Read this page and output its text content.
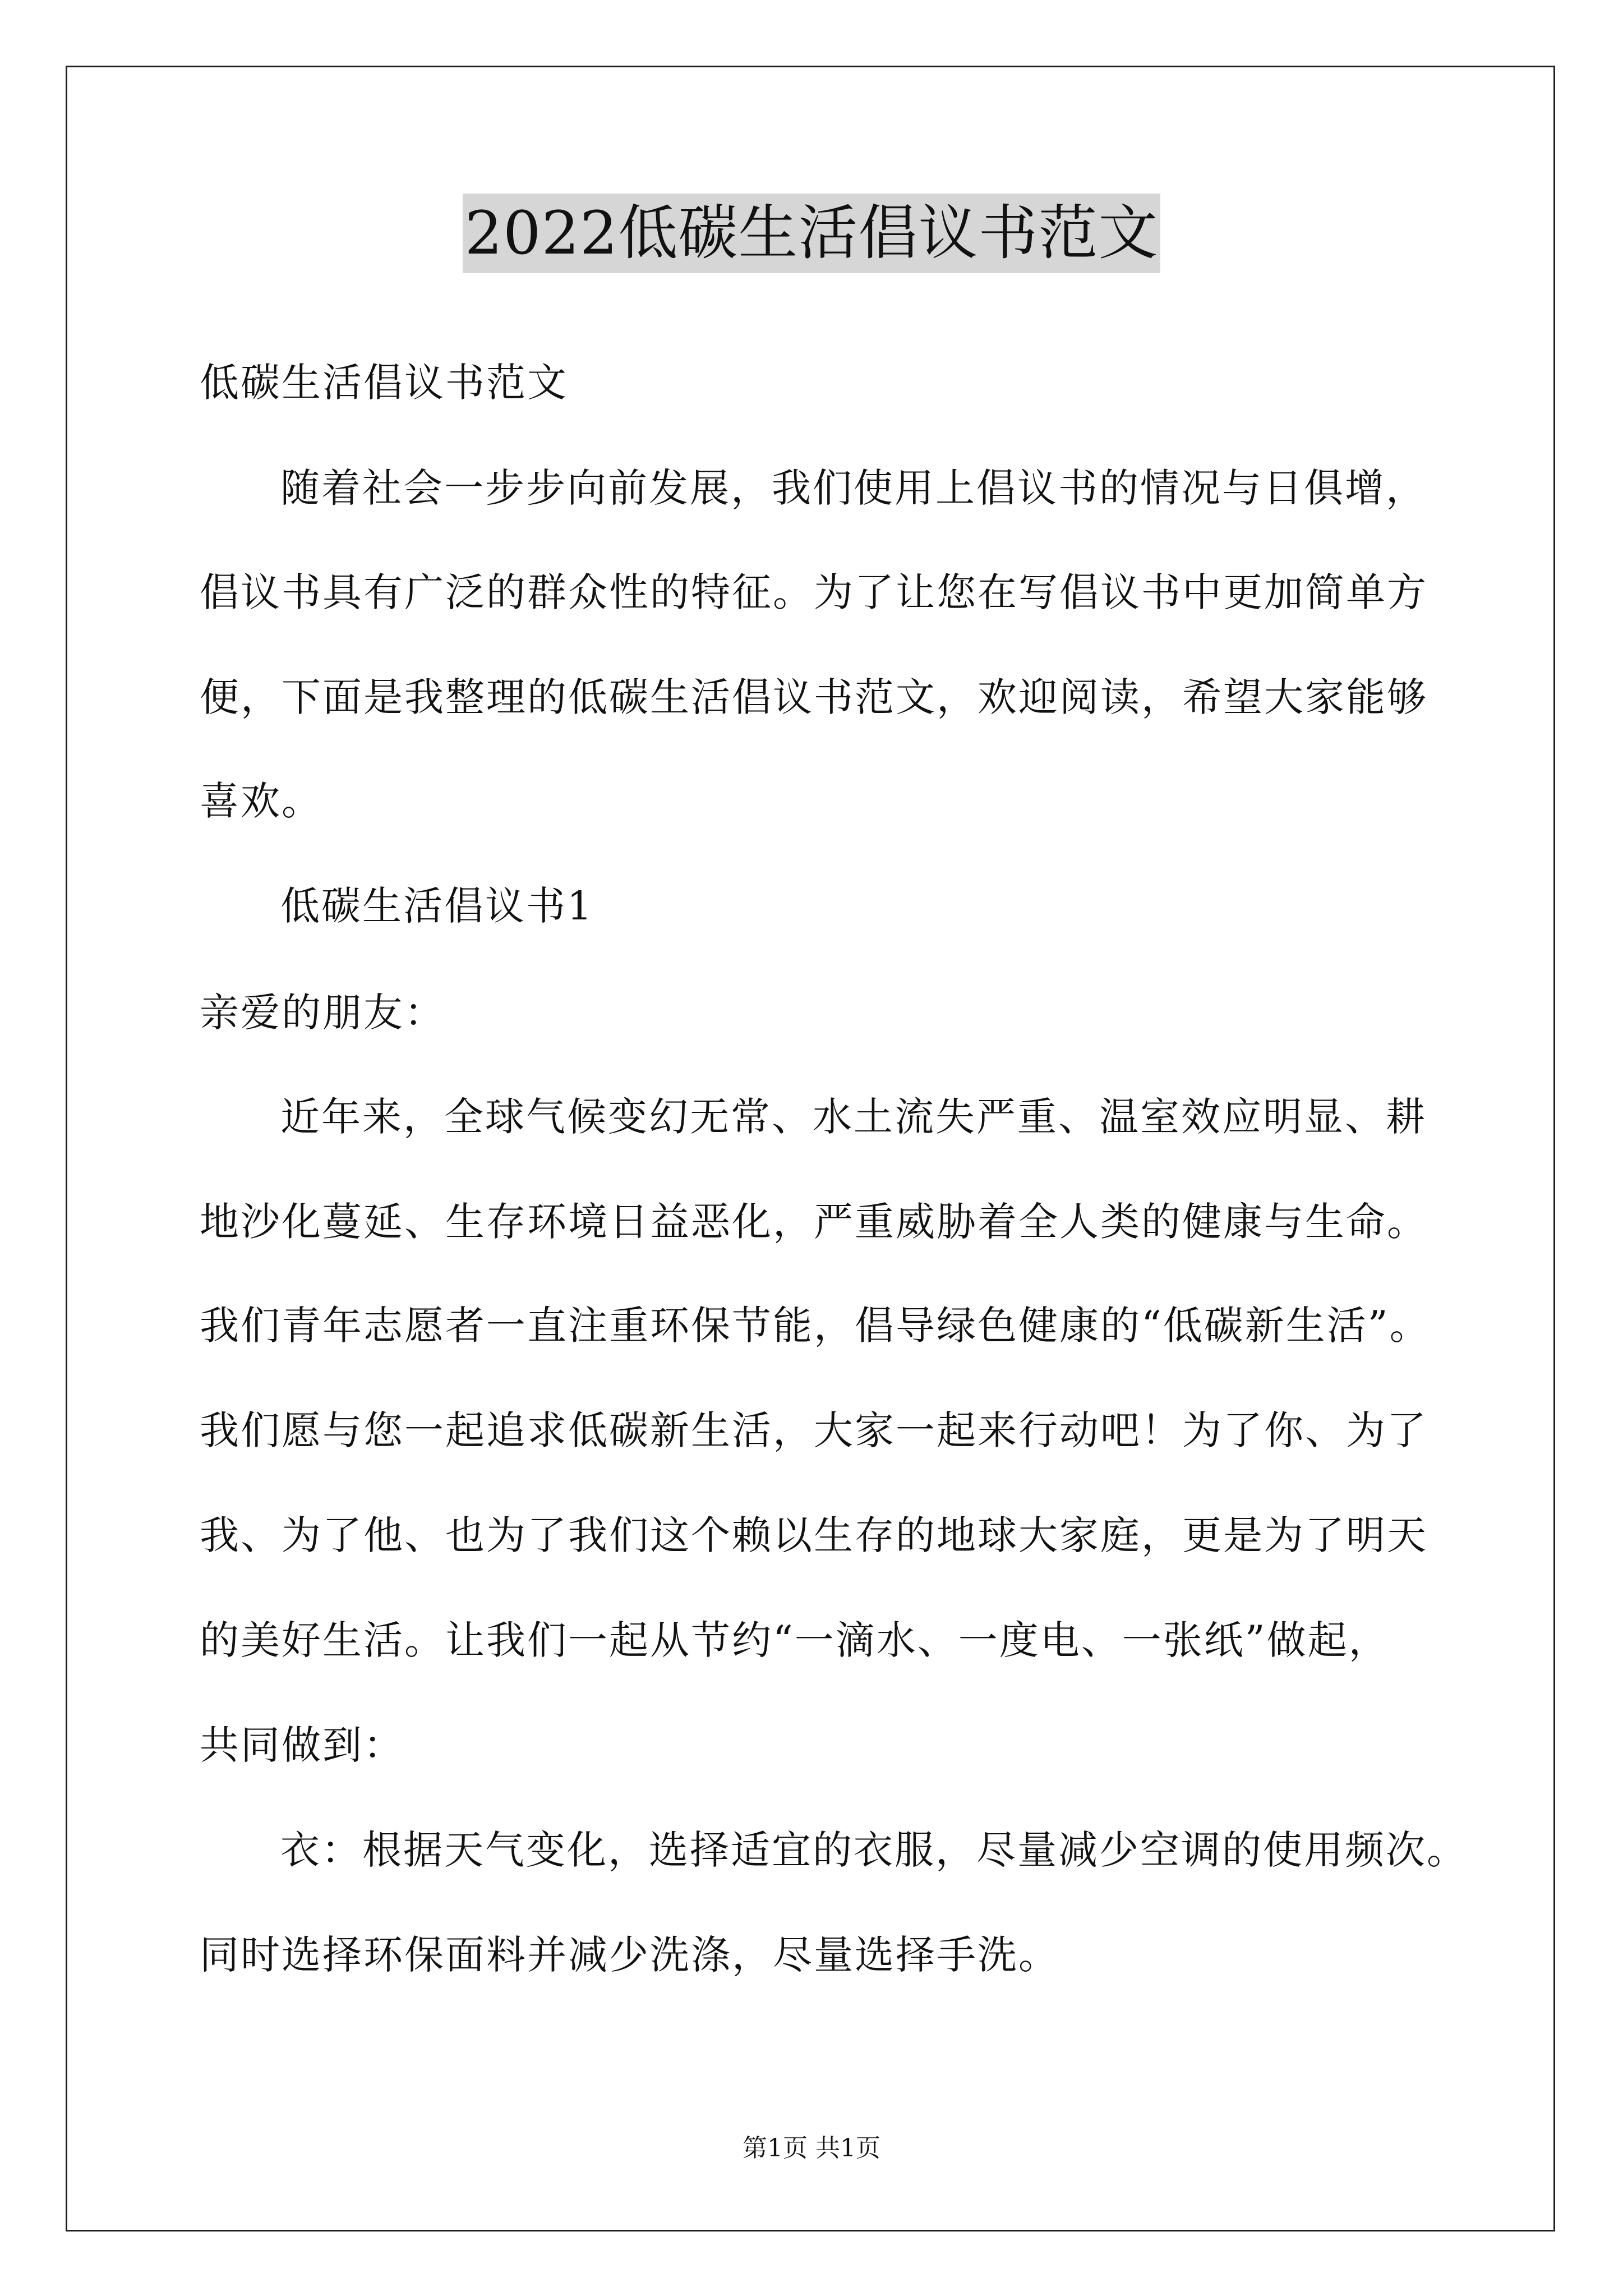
2022低碳生活倡议书范文
低碳生活倡议书范文
随着社会一步步向前发展，我们使用上倡议书的情况与日俱增，
倡议书具有广泛的群众性的特征。为了让您在写倡议书中更加简单方
便，下面是我整理的低碳生活倡议书范文，欢迎阅读，希望大家能够
喜欢。
低碳生活倡议书1
亲爱的朋友：
近年来，全球气候变幻无常、水土流失严重、温室效应明显、耕
地沙化蔓延、生存环境日益恶化，严重威胁着全人类的健康与生命。
我们青年志愿者一直注重环保节能，倡导绿色健康的“低碳新生活”。
我们愿与您一起追求低碳新生活，大家一起来行动吧！为了你、为了
我、为了他、也为了我们这个赖以生存的地球大家庭，更是为了明天
的美好生活。让我们一起从节约“一滴水、一度电、一张纸”做起，
共同做到：
衣：根据天气变化，选择适宜的衣服，尽量减少空调的使用频次。
同时选择环保面料并减少洗涤，尽量选择手洗。
第1页 共1页
